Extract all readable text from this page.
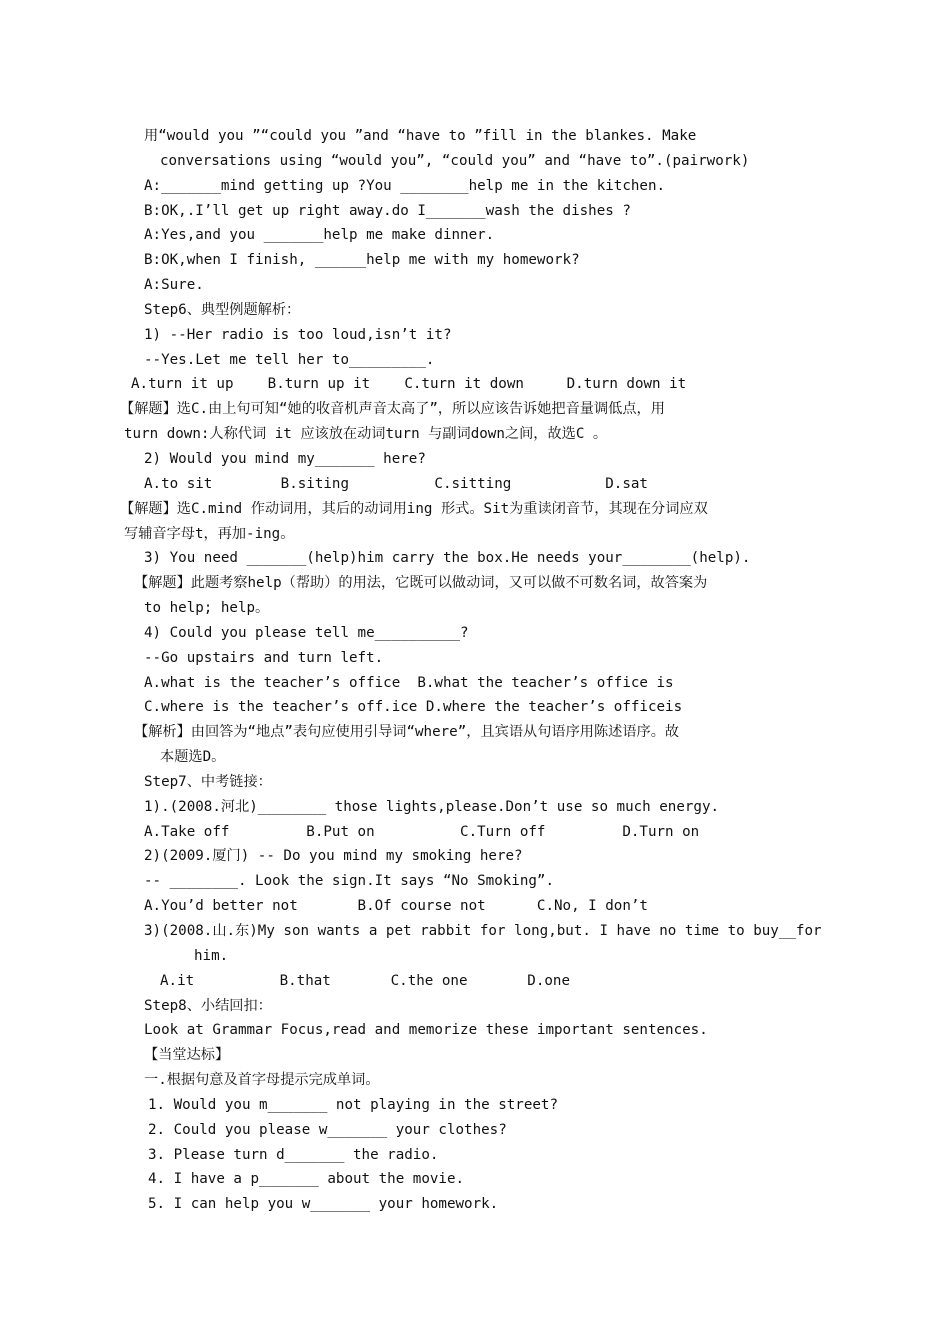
用“would you ”“could you ”and “have to ”fill in the blankes. Make
conversations using “would you”, “could you” and “have to”.(pairwork)
A:_______mind getting up ?You ________help me in the kitchen.
B:OK,.I’ll get up right away.do I_______wash the dishes ?
A:Yes,and you _______help me make dinner.
B:OK,when I finish, ______help me with my homework?
A:Sure.
Step6、典型例题解析：
1) --Her radio is too loud,isn’t it?
--Yes.Let me tell her to_________.
A.turn it up    B.turn up it    C.turn it down     D.turn down it
【解题】选C.由上句可知“她的收音机声音太高了”，所以应该告诉她把音量调低点，用
turn down:人称代词 it 应该放在动词turn 与副词down之间，故选C 。
2) Would you mind my_______ here?
A.to sit        B.siting          C.sitting           D.sat
【解题】选C.mind 作动词用，其后的动词用ing 形式。Sit为重读闭音节，其现在分词应双
写辅音字母t，再加-ing。
3) You need _______(help)him carry the box.He needs your________(help).
【解题】此题考察help（帮助）的用法，它既可以做动词，又可以做不可数名词，故答案为
to help; help。
4) Could you please tell me__________?
--Go upstairs and turn left.
A.what is the teacher’s office  B.what the teacher’s office is
C.where is the teacher’s off.ice D.where the teacher’s officeis
【解析】由回答为“地点”表句应使用引导词“where”，且宾语从句语序用陈述语序。故
本题选D。
Step7、中考链接：
1).(2008.河北)________ those lights,please.Don’t use so much energy.
A.Take off         B.Put on          C.Turn off         D.Turn on
2)(2009.厦门) -- Do you mind my smoking here?
-- ________. Look the sign.It says “No Smoking”.
A.You’d better not       B.Of course not      C.No, I don’t
3)(2008.山.东)My son wants a pet rabbit for long,but. I have no time to buy__for
him.
A.it          B.that       C.the one       D.one
Step8、小结回扣：
Look at Grammar Focus,read and memorize these important sentences.
【当堂达标】
一.根据句意及首字母提示完成单词。
1. Would you m_______ not playing in the street?
2. Could you please w_______ your clothes?
3. Please turn d_______ the radio.
4. I have a p_______ about the movie.
5. I can help you w_______ your homework.
